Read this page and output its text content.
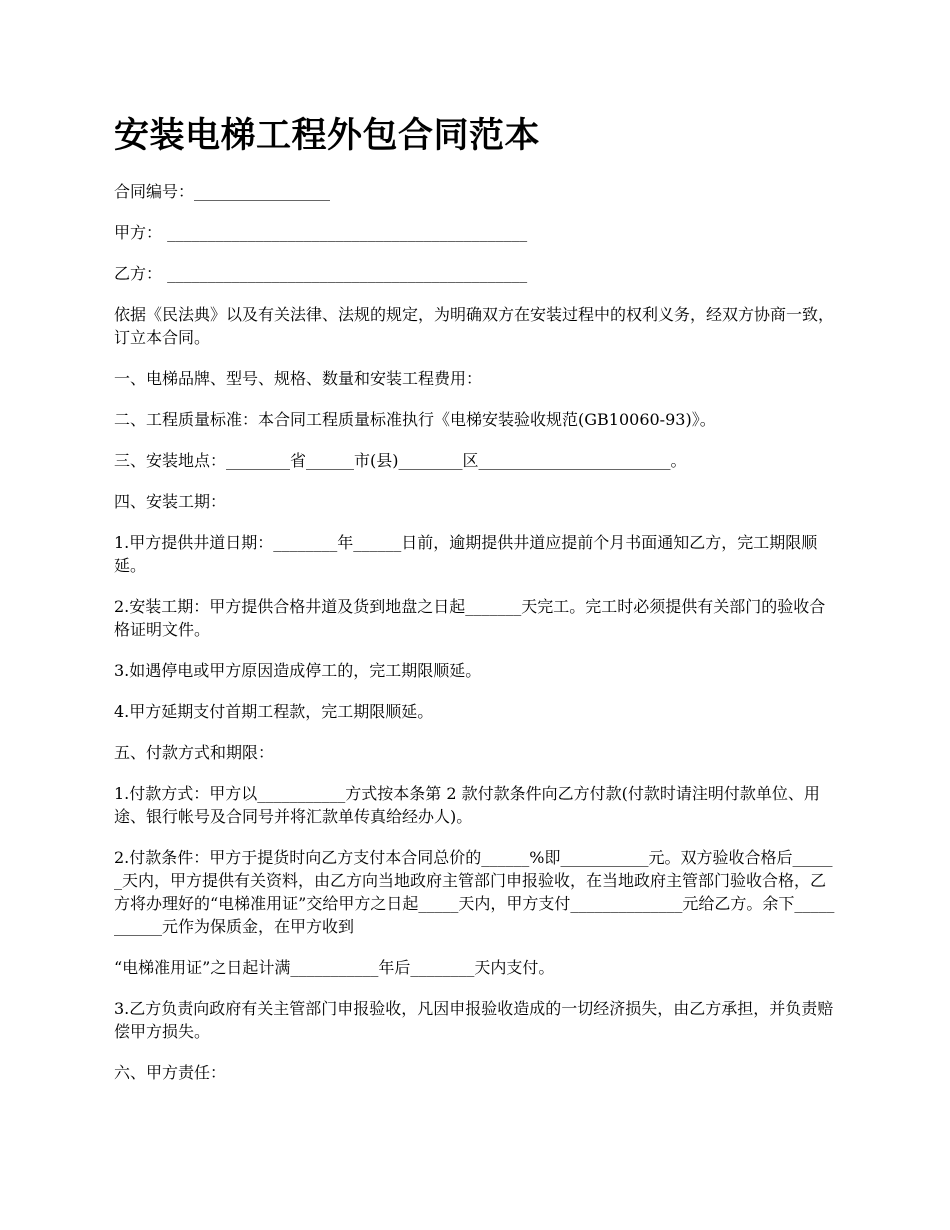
安装电梯工程外包合同范本
合同编号：_________________
甲方： _____________________________________________
乙方： _____________________________________________
依据《民法典》以及有关法律、法规的规定，为明确双方在安装过程中的权利义务，经双方协商一致，订立本合同。
一、电梯品牌、型号、规格、数量和安装工程费用：
二、工程质量标准：本合同工程质量标准执行《电梯安装验收规范(GB10060-93)》。
三、安装地点：________省______市(县)________区________________________。
四、安装工期：
1.甲方提供井道日期：________年______日前，逾期提供井道应提前个月书面通知乙方，完工期限顺延。
2.安装工期：甲方提供合格井道及货到地盘之日起_______天完工。完工时必须提供有关部门的验收合格证明文件。
3.如遇停电或甲方原因造成停工的，完工期限顺延。
4.甲方延期支付首期工程款，完工期限顺延。
五、付款方式和期限：
1.付款方式：甲方以___________方式按本条第 2 款付款条件向乙方付款(付款时请注明付款单位、用途、银行帐号及合同号并将汇款单传真给经办人)。
2.付款条件：甲方于提货时向乙方支付本合同总价的______%即___________元。双方验收合格后______天内，甲方提供有关资料，由乙方向当地政府主管部门申报验收，在当地政府主管部门验收合格，乙方将办理好的“电梯准用证”交给甲方之日起_____天内，甲方支付______________元给乙方。余下___________元作为保质金，在甲方收到
“电梯准用证”之日起计满___________年后________天内支付。
3.乙方负责向政府有关主管部门申报验收，凡因申报验收造成的一切经济损失，由乙方承担，并负责赔偿甲方损失。
六、甲方责任：
